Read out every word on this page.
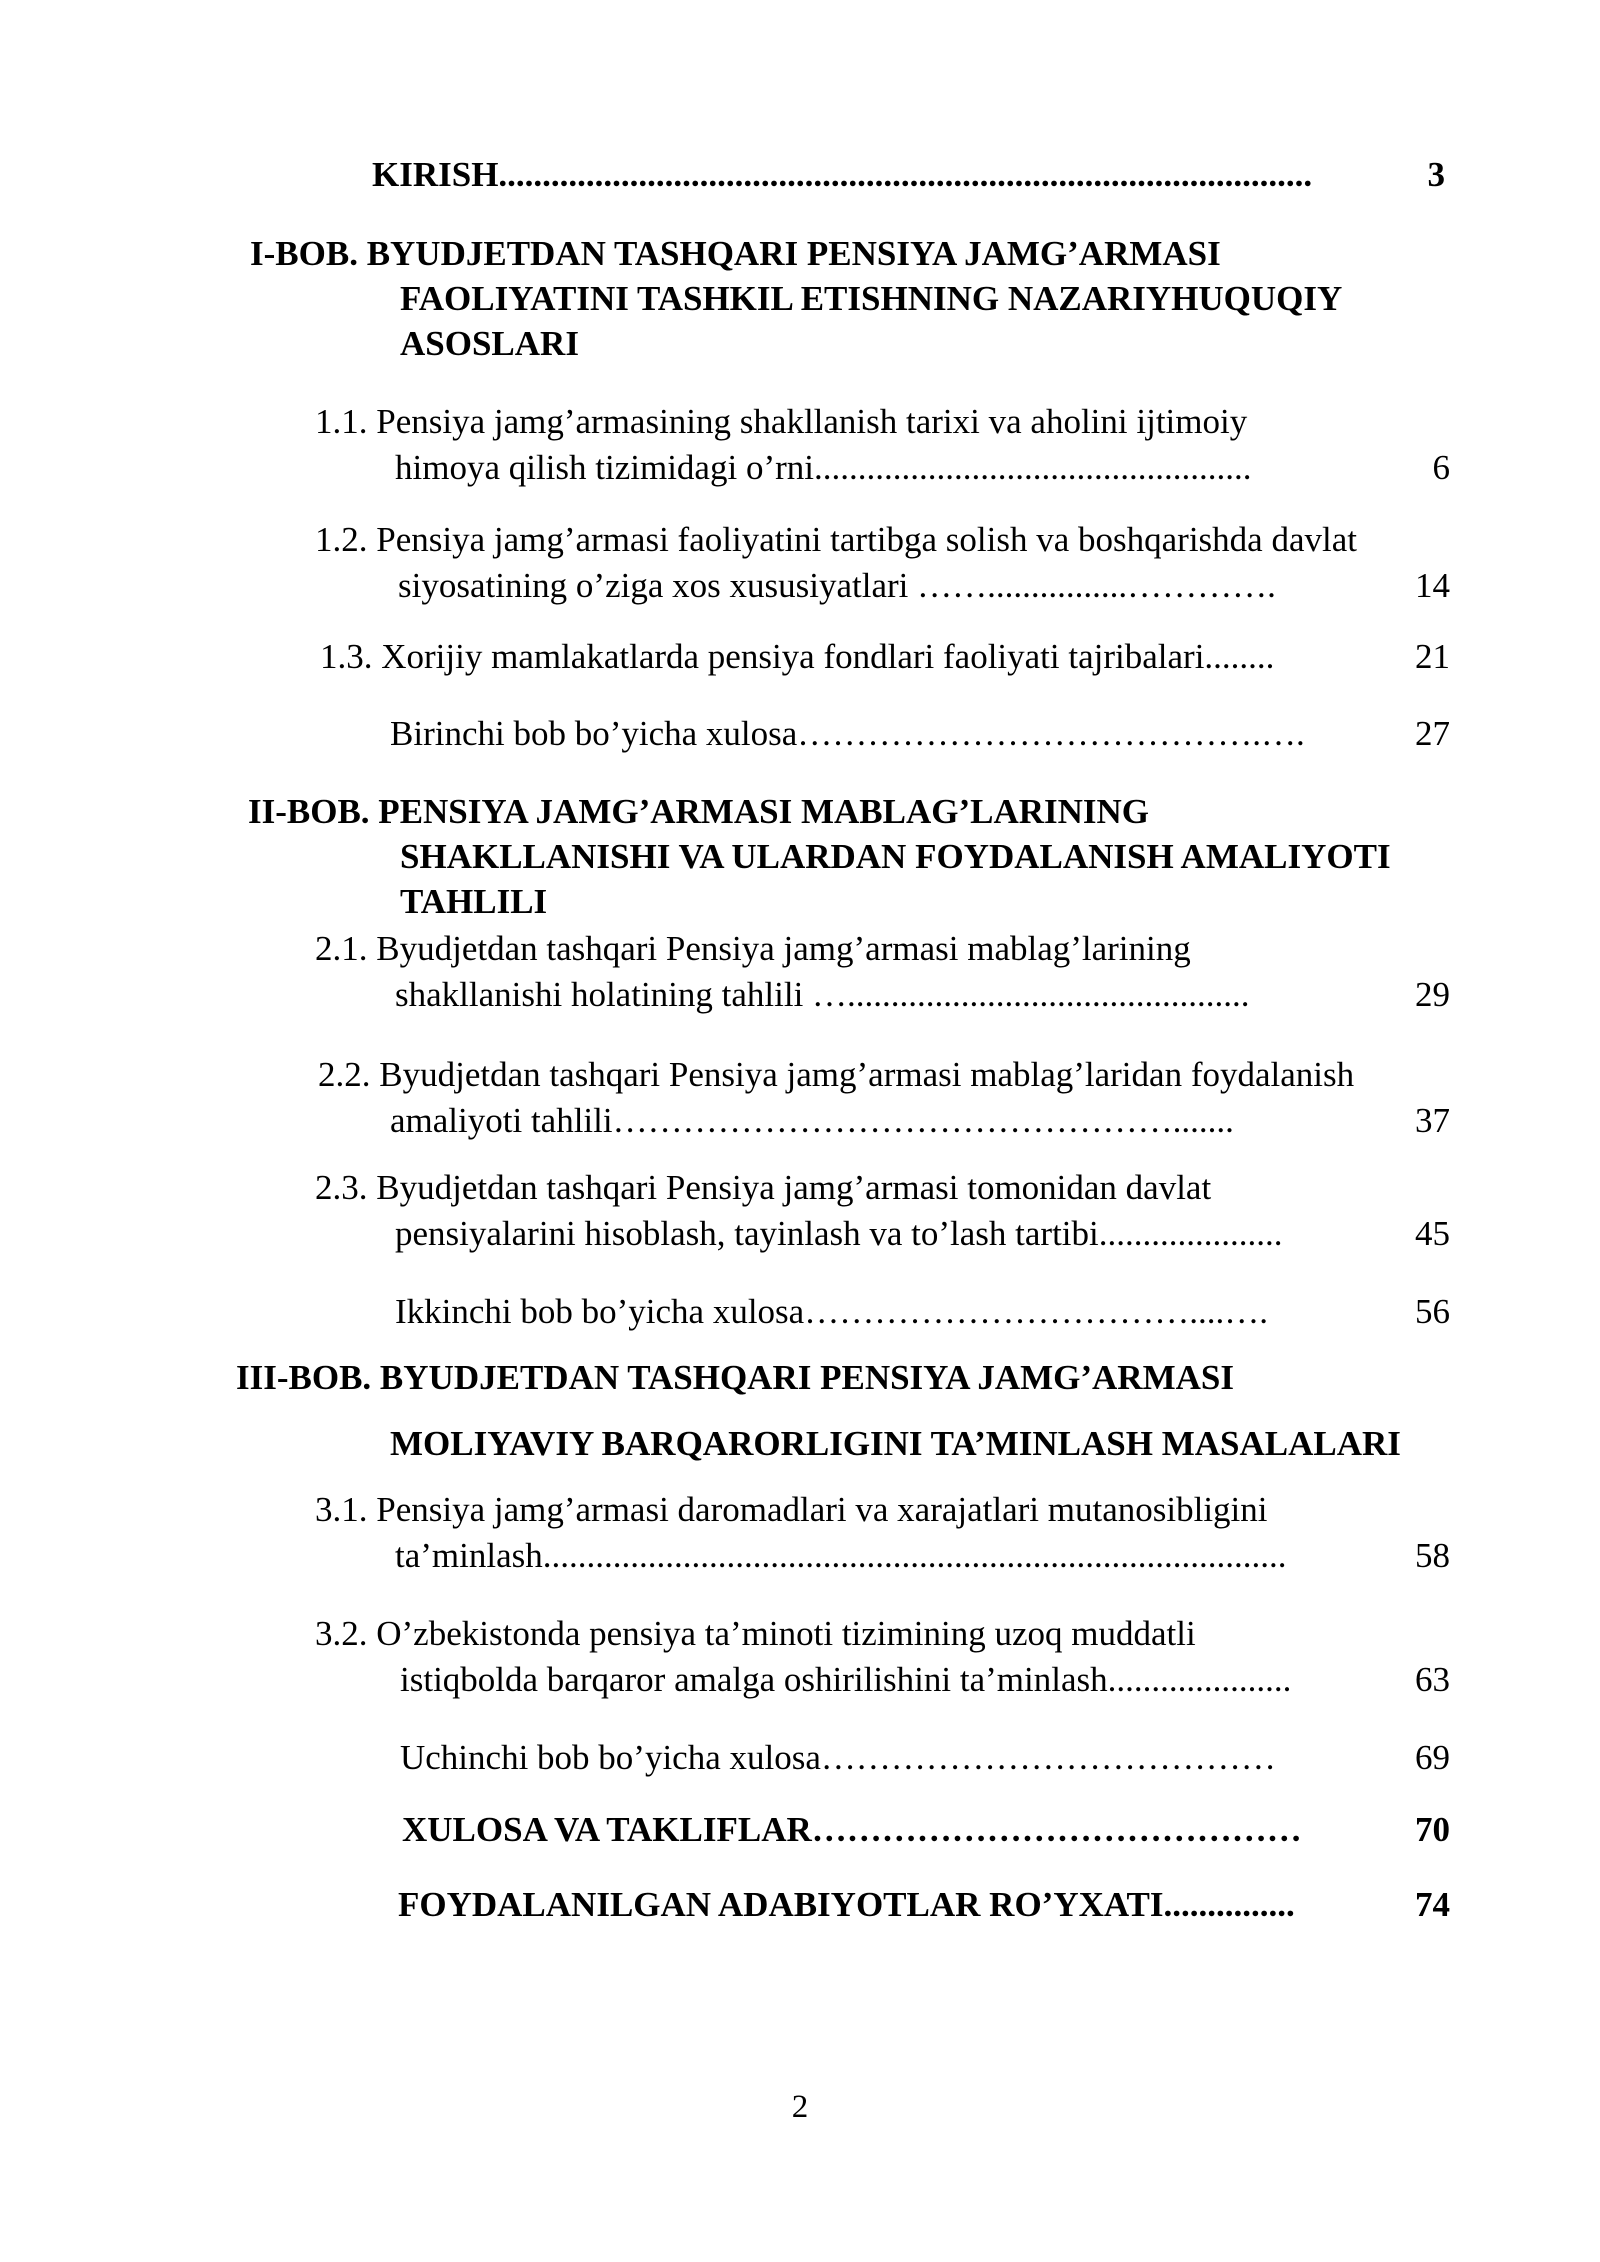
KIRISH.............................................................................................	3
I-BOB. BYUDJETDAN TASHQARI PENSIYA JAMG’ARMASI
FAOLIYATINI TASHKIL ETISHNING NAZARIYHUQUQIY
ASOSLARI
1.1. Pensiya jamg’armasining shakllanish tarixi va aholini ijtimoiy
himoya qilish tizimidagi o’rni..................................................	6
1.2. Pensiya jamg’armasi faoliyatini tartibga solish va boshqarishda davlat
siyosatining o’ziga xos xususiyatlari ……................………….	14
1.3. Xorijiy mamlakatlarda pensiya fondlari faoliyati tajribalari........	21
Birinchi bob bo’yicha xulosa………………………………….….	27
II-BOB. PENSIYA JAMG’ARMASI MABLAG’LARINING
SHAKLLANISHI VA ULARDAN FOYDALANISH AMALIYOTI
TAHLILI
2.1. Byudjetdan tashqari Pensiya jamg’armasi mablag’larining
shakllanishi holatining tahlili …..............................................	29
2.2. Byudjetdan tashqari Pensiya jamg’armasi mablag’laridan foydalanish
amaliyoti tahlili………………………………………….......	37
2.3. Byudjetdan tashqari Pensiya jamg’armasi tomonidan davlat
pensiyalarini hisoblash, tayinlash va to’lash tartibi.....................	45
Ikkinchi bob bo’yicha xulosa……………………………....….	56
III-BOB. BYUDJETDAN TASHQARI PENSIYA JAMG’ARMASI
MOLIYAVIY BARQARORLIGINI TA’MINLASH MASALALARI
3.1. Pensiya jamg’armasi daromadlari va xarajatlari mutanosibligini
ta’minlash.....................................................................................	58
3.2. O’zbekistonda pensiya ta’minoti tizimining uzoq muddatli
istiqbolda barqaror amalga oshirilishini ta’minlash.....................	63
Uchinchi bob bo’yicha xulosa…………………………………	69
XULOSA VA TAKLIFLAR……………………………………	70
FOYDALANILGAN ADABIYOTLAR RO’YXATI...............	74
2
